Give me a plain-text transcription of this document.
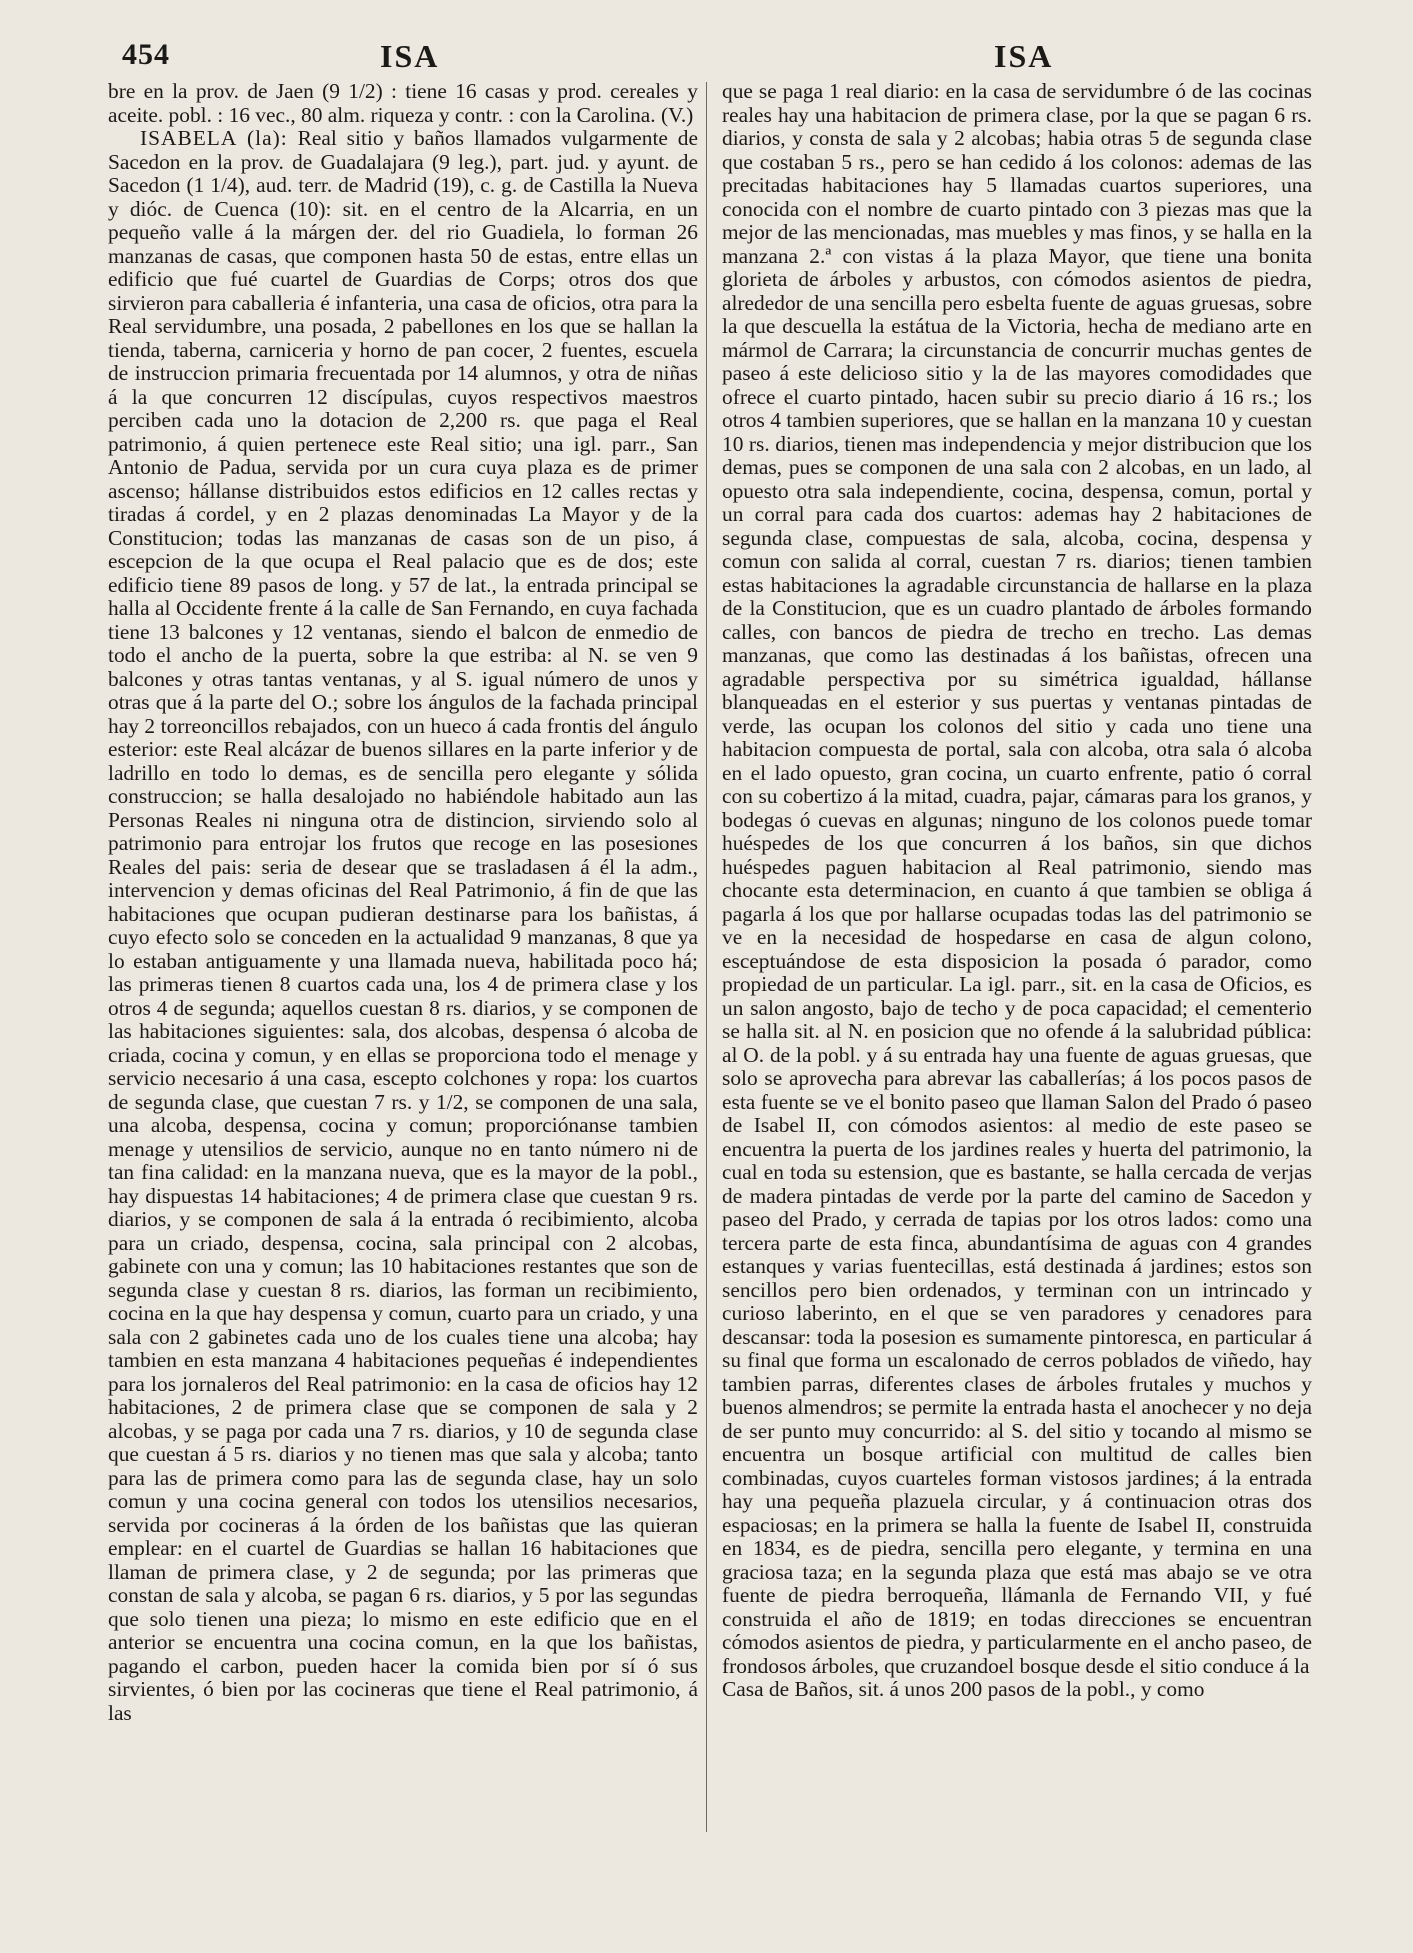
454	ISA	ISA

bre en la prov. de Jaen (9 1/2) : tiene 16 casas y prod. cereales y aceite. pobl. : 16 vec., 80 alm. riqueza y contr. : con la Carolina. (V.)

ISABELA (la): Real sitio y baños llamados vulgarmente de Sacedon en la prov. de Guadalajara (9 leg.), part. jud. y ayunt. de Sacedon (1 1/4), aud. terr. de Madrid (19), c. g. de Castilla la Nueva y dióc. de Cuenca (10): sit. en el centro de la Alcarria, en un pequeño valle á la márgen der. del rio Guadiela, lo forman 26 manzanas de casas, que componen hasta 50 de estas, entre ellas un edificio que fué cuartel de Guardias de Corps; otros dos que sirvieron para caballeria é infanteria, una casa de oficios, otra para la Real servidumbre, una posada, 2 pabellones en los que se hallan la tienda, taberna, carniceria y horno de pan cocer, 2 fuentes, escuela de instruccion primaria frecuentada por 14 alumnos, y otra de niñas á la que concurren 12 discípulas, cuyos respectivos maestros perciben cada uno la dotacion de 2,200 rs. que paga el Real patrimonio, á quien pertenece este Real sitio; una igl. parr., San Antonio de Padua, servida por un cura cuya plaza es de primer ascenso; hállanse distribuidos estos edificios en 12 calles rectas y tiradas á cordel, y en 2 plazas denominadas La Mayor y de la Constitucion; todas las manzanas de casas son de un piso, á escepcion de la que ocupa el Real palacio que es de dos; este edificio tiene 89 pasos de long. y 57 de lat., la entrada principal se halla al Occidente frente á la calle de San Fernando, en cuya fachada tiene 13 balcones y 12 ventanas, siendo el balcon de enmedio de todo el ancho de la puerta, sobre la que estriba: al N. se ven 9 balcones y otras tantas ventanas, y al S. igual número de unos y otras que á la parte del O.; sobre los ángulos de la fachada principal hay 2 torreoncillos rebajados, con un hueco á cada frontis del ángulo esterior: este Real alcázar de buenos sillares en la parte inferior y de ladrillo en todo lo demas, es de sencilla pero elegante y sólida construccion; se halla desalojado no habiéndole habitado aun las Personas Reales ni ninguna otra de distincion, sirviendo solo al patrimonio para entrojar los frutos que recoge en las posesiones Reales del pais: seria de desear que se trasladasen á él la adm., intervencion y demas oficinas del Real Patrimonio, á fin de que las habitaciones que ocupan pudieran destinarse para los bañistas, á cuyo efecto solo se conceden en la actualidad 9 manzanas, 8 que ya lo estaban antiguamente y una llamada nueva, habilitada poco há; las primeras tienen 8 cuartos cada una, los 4 de primera clase y los otros 4 de segunda; aquellos cuestan 8 rs. diarios, y se componen de las habitaciones siguientes: sala, dos alcobas, despensa ó alcoba de criada, cocina y comun, y en ellas se proporciona todo el menage y servicio necesario á una casa, escepto colchones y ropa: los cuartos de segunda clase, que cuestan 7 rs. y 1/2, se componen de una sala, una alcoba, despensa, cocina y comun; proporciónanse tambien menage y utensilios de servicio, aunque no en tanto número ni de tan fina calidad: en la manzana nueva, que es la mayor de la pobl., hay dispuestas 14 habitaciones; 4 de primera clase que cuestan 9 rs. diarios, y se componen de sala á la entrada ó recibimiento, alcoba para un criado, despensa, cocina, sala principal con 2 alcobas, gabinete con una y comun; las 10 habitaciones restantes que son de segunda clase y cuestan 8 rs. diarios, las forman un recibimiento, cocina en la que hay despensa y comun, cuarto para un criado, y una sala con 2 gabinetes cada uno de los cuales tiene una alcoba; hay tambien en esta manzana 4 habitaciones pequeñas é independientes para los jornaleros del Real patrimonio: en la casa de oficios hay 12 habitaciones, 2 de primera clase que se componen de sala y 2 alcobas, y se paga por cada una 7 rs. diarios, y 10 de segunda clase que cuestan á 5 rs. diarios y no tienen mas que sala y alcoba; tanto para las de primera como para las de segunda clase, hay un solo comun y una cocina general con todos los utensilios necesarios, servida por cocineras á la órden de los bañistas que las quieran emplear: en el cuartel de Guardias se hallan 16 habitaciones que llaman de primera clase, y 2 de segunda; por las primeras que constan de sala y alcoba, se pagan 6 rs. diarios, y 5 por las segundas que solo tienen una pieza; lo mismo en este edificio que en el anterior se encuentra una cocina comun, en la que los bañistas, pagando el carbon, pueden hacer la comida bien por sí ó sus sirvientes, ó bien por las cocineras que tiene el Real patrimonio, á las

que se paga 1 real diario: en la casa de servidumbre ó de las cocinas reales hay una habitacion de primera clase, por la que se pagan 6 rs. diarios, y consta de sala y 2 alcobas; habia otras 5 de segunda clase que costaban 5 rs., pero se han cedido á los colonos: ademas de las precitadas habitaciones hay 5 llamadas cuartos superiores, una conocida con el nombre de cuarto pintado con 3 piezas mas que la mejor de las mencionadas, mas muebles y mas finos, y se halla en la manzana 2.ª con vistas á la plaza Mayor, que tiene una bonita glorieta de árboles y arbustos, con cómodos asientos de piedra, alrededor de una sencilla pero esbelta fuente de aguas gruesas, sobre la que descuella la estátua de la Victoria, hecha de mediano arte en mármol de Carrara; la circunstancia de concurrir muchas gentes de paseo á este delicioso sitio y la de las mayores comodidades que ofrece el cuarto pintado, hacen subir su precio diario á 16 rs.; los otros 4 tambien superiores, que se hallan en la manzana 10 y cuestan 10 rs. diarios, tienen mas independencia y mejor distribucion que los demas, pues se componen de una sala con 2 alcobas, en un lado, al opuesto otra sala independiente, cocina, despensa, comun, portal y un corral para cada dos cuartos: ademas hay 2 habitaciones de segunda clase, compuestas de sala, alcoba, cocina, despensa y comun con salida al corral, cuestan 7 rs. diarios; tienen tambien estas habitaciones la agradable circunstancia de hallarse en la plaza de la Constitucion, que es un cuadro plantado de árboles formando calles, con bancos de piedra de trecho en trecho. Las demas manzanas, que como las destinadas á los bañistas, ofrecen una agradable perspectiva por su simétrica igualdad, hállanse blanqueadas en el esterior y sus puertas y ventanas pintadas de verde, las ocupan los colonos del sitio y cada uno tiene una habitacion compuesta de portal, sala con alcoba, otra sala ó alcoba en el lado opuesto, gran cocina, un cuarto enfrente, patio ó corral con su cobertizo á la mitad, cuadra, pajar, cámaras para los granos, y bodegas ó cuevas en algunas; ninguno de los colonos puede tomar huéspedes de los que concurren á los baños, sin que dichos huéspedes paguen habitacion al Real patrimonio, siendo mas chocante esta determinacion, en cuanto á que tambien se obliga á pagarla á los que por hallarse ocupadas todas las del patrimonio se ve en la necesidad de hospedarse en casa de algun colono, esceptuándose de esta disposicion la posada ó parador, como propiedad de un particular. La igl. parr., sit. en la casa de Oficios, es un salon angosto, bajo de techo y de poca capacidad; el cementerio se halla sit. al N. en posicion que no ofende á la salubridad pública: al O. de la pobl. y á su entrada hay una fuente de aguas gruesas, que solo se aprovecha para abrevar las caballerías; á los pocos pasos de esta fuente se ve el bonito paseo que llaman Salon del Prado ó paseo de Isabel II, con cómodos asientos: al medio de este paseo se encuentra la puerta de los jardines reales y huerta del patrimonio, la cual en toda su estension, que es bastante, se halla cercada de verjas de madera pintadas de verde por la parte del camino de Sacedon y paseo del Prado, y cerrada de tapias por los otros lados: como una tercera parte de esta finca, abundantísima de aguas con 4 grandes estanques y varias fuentecillas, está destinada á jardines; estos son sencillos pero bien ordenados, y terminan con un intrincado y curioso laberinto, en el que se ven paradores y cenadores para descansar: toda la posesion es sumamente pintoresca, en particular á su final que forma un escalonado de cerros poblados de viñedo, hay tambien parras, diferentes clases de árboles frutales y muchos y buenos almendros; se permite la entrada hasta el anochecer y no deja de ser punto muy concurrido: al S. del sitio y tocando al mismo se encuentra un bosque artificial con multitud de calles bien combinadas, cuyos cuarteles forman vistosos jardines; á la entrada hay una pequeña plazuela circular, y á continuacion otras dos espaciosas; en la primera se halla la fuente de Isabel II, construida en 1834, es de piedra, sencilla pero elegante, y termina en una graciosa taza; en la segunda plaza que está mas abajo se ve otra fuente de piedra berroqueña, llámanla de Fernando VII, y fué construida el año de 1819; en todas direcciones se encuentran cómodos asientos de piedra, y particularmente en el ancho paseo, de frondosos árboles, que cruzandoel bosque desde el sitio conduce á la

Casa de Baños, sit. á unos 200 pasos de la pobl., y como
